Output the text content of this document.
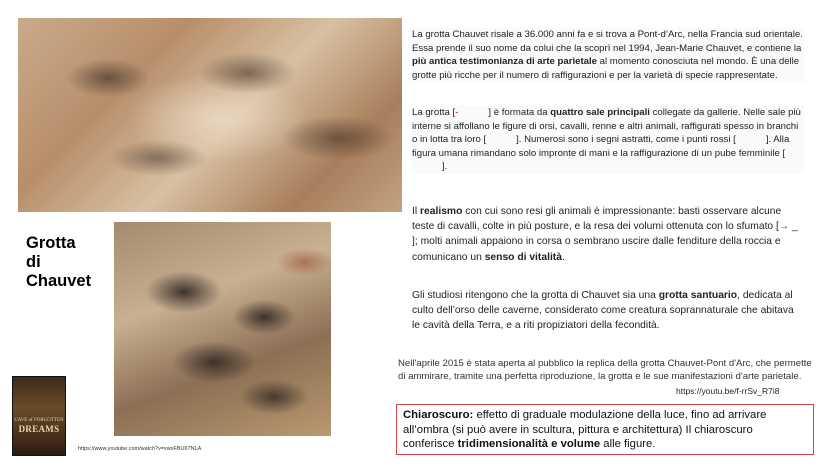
CAVE of FORGOTTEN
DREAMS
Grotta
di
Chauvet
La grotta Chauvet risale a 36.000 anni fa e si trova a Pont-d’Arc, nella Francia sud orientale. Essa prende il suo nome da colui che la scoprì nel 1994, Jean-Marie Chauvet, e contiene la più antica testimonianza di arte parietale al momento conosciuta nel mondo. È una delle grotte più ricche per il numero di raffigurazioni e per la varietà di specie rappresentate.
La grotta [-	] è formata da quattro sale principali collegate da gallerie. Nelle sale più interne si affollano le figure di orsi, cavalli, renne e altri animali, raffigurati spesso in branchi o in lotta tra loro [	]. Numerosi sono i segni astratti, come i punti rossi [	]. Alla figura umana rimandano solo impronte di mani e la raffigurazione di un pube femminile [].
Il realismo con cui sono resi gli animali è impressionante: basti osservare alcune teste di cavalli, colte in più posture, e la resa dei volumi ottenuta con lo sfumato [→ _ ]; molti animali appaiono in corsa o sembrano uscire dalle fenditure della roccia e comunicano un senso di vitalità.
Gli studiosi ritengono che la grotta di Chauvet sia una grotta santuario, dedicata al culto dell’orso delle caverne, considerato come creatura soprannaturale che abitava le cavità della Terra, e a riti propiziatori della fecondità.
Nell'aprile 2015 è stata aperta al pubblico la replica della grotta Chauvet-Pont d'Arc, che permette di ammirare, tramite una perfetta riproduzione, la grotta e le sue manifestazioni d'arte parietale.
https://youtu.be/f-rrSv_R7i8
Chiaroscuro: effetto di graduale modulazione della luce, fino ad arrivare all’ombra (si può avere in scultura, pittura e architettura) Il chiaroscuro conferisce tridimensionalità e volume alle figure.
https://www.youtube.com/watch?v=vwxFBU67NLA
